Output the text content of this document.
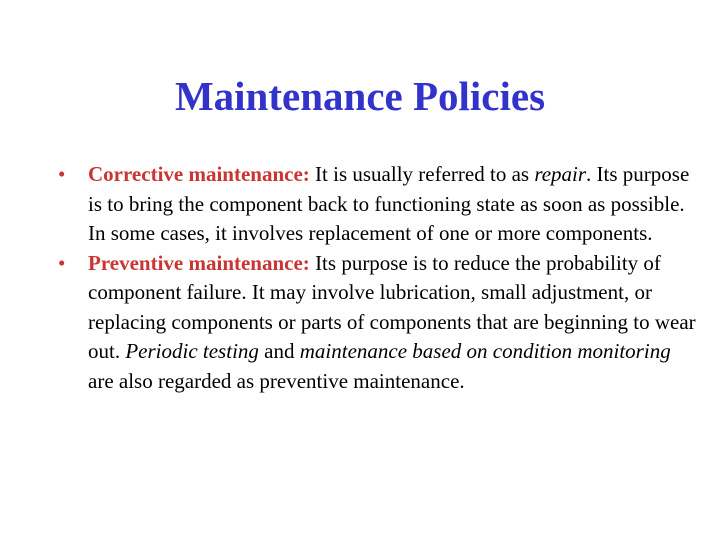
Maintenance Policies
• Corrective maintenance: It is usually referred to as repair. Its purpose is to bring the component back to functioning state as soon as possible. In some cases, it involves replacement of one or more components.
• Preventive maintenance: Its purpose is to reduce the probability of component failure. It may involve lubrication, small adjustment, or replacing components or parts of components that are beginning to wear out. Periodic testing and maintenance based on condition monitoring are also regarded as preventive maintenance.
